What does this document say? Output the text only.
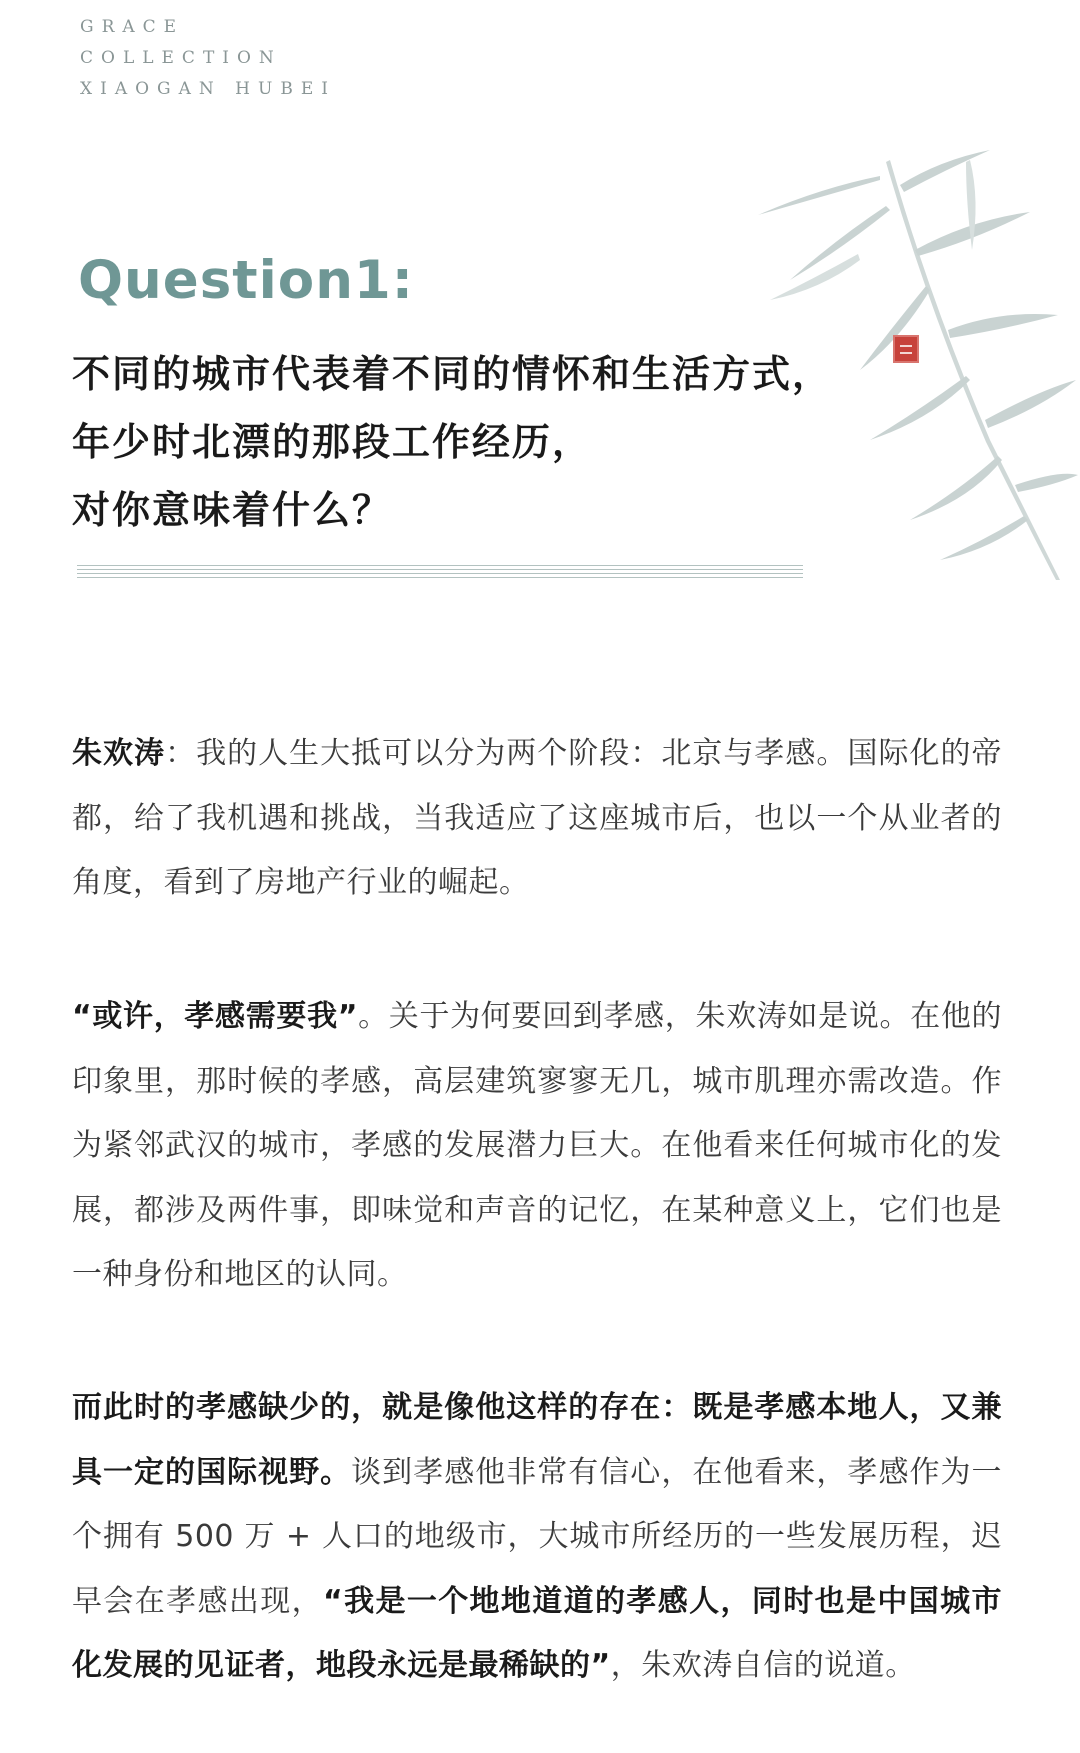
GRACE
COLLECTION
XIAOGAN HUBEI
Question1:
不同的城市代表着不同的情怀和生活方式，
年少时北漂的那段工作经历，
对你意味着什么？
朱欢涛：我的人生大抵可以分为两个阶段：北京与孝感。国际化的帝都，给了我机遇和挑战，当我适应了这座城市后，也以一个从业者的角度，看到了房地产行业的崛起。
“或许，孝感需要我”。关于为何要回到孝感，朱欢涛如是说。在他的印象里，那时候的孝感，高层建筑寥寥无几，城市肌理亦需改造。作为紧邻武汉的城市，孝感的发展潜力巨大。在他看来任何城市化的发展，都涉及两件事，即味觉和声音的记忆，在某种意义上，它们也是一种身份和地区的认同。
而此时的孝感缺少的，就是像他这样的存在：既是孝感本地人，又兼具一定的国际视野。谈到孝感他非常有信心，在他看来，孝感作为一个拥有 500 万 + 人口的地级市，大城市所经历的一些发展历程，迟早会在孝感出现，“我是一个地地道道的孝感人，同时也是中国城市化发展的见证者，地段永远是最稀缺的”，朱欢涛自信的说道。
